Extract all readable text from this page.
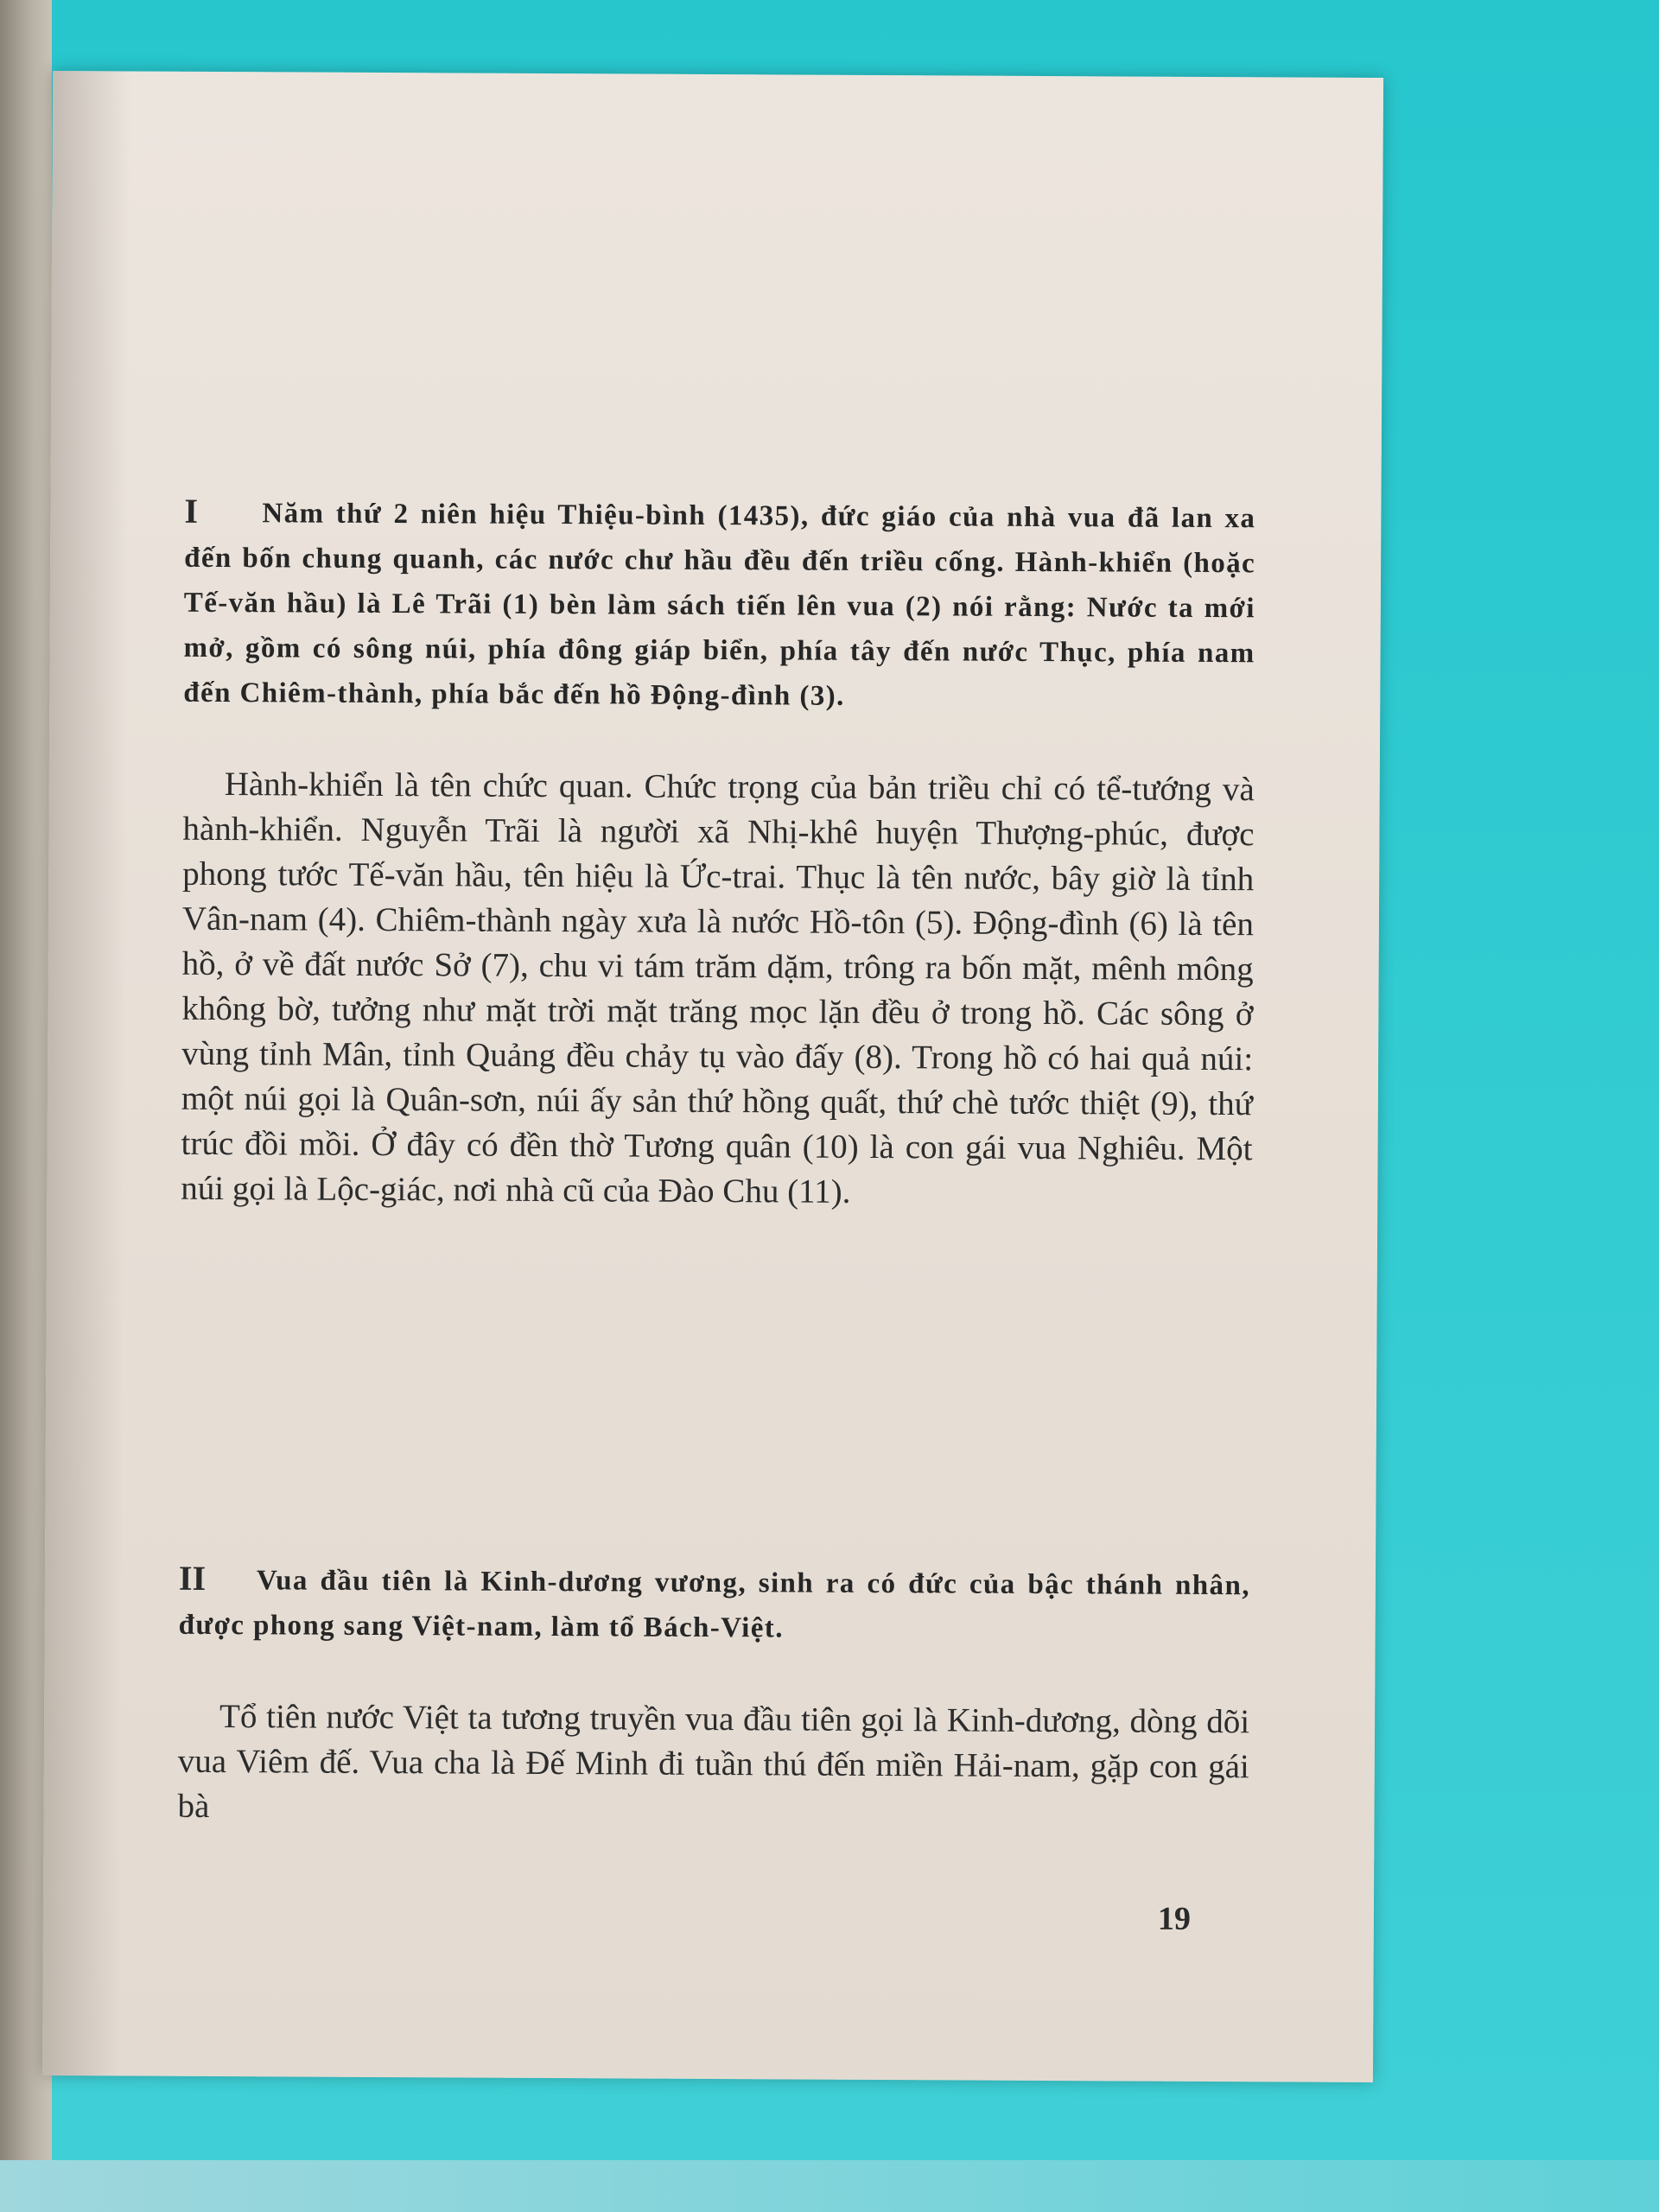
I	Năm thứ 2 niên hiệu Thiệu-bình (1435), đức giáo của nhà vua đã lan xa đến bốn chung quanh, các nước chư hầu đều đến triều cống. Hành-khiển (hoặc Tế-văn hầu) là Lê Trãi (1) bèn làm sách tiến lên vua (2) nói rằng: Nước ta mới mở, gồm có sông núi, phía đông giáp biển, phía tây đến nước Thục, phía nam đến Chiêm-thành, phía bắc đến hồ Động-đình (3).
Hành-khiển là tên chức quan. Chức trọng của bản triều chỉ có tể-tướng và hành-khiển. Nguyễn Trãi là người xã Nhị-khê huyện Thượng-phúc, được phong tước Tế-văn hầu, tên hiệu là Ức-trai. Thục là tên nước, bây giờ là tỉnh Vân-nam (4). Chiêm-thành ngày xưa là nước Hồ-tôn (5). Động-đình (6) là tên hồ, ở về đất nước Sở (7), chu vi tám trăm dặm, trông ra bốn mặt, mênh mông không bờ, tưởng như mặt trời mặt trăng mọc lặn đều ở trong hồ. Các sông ở vùng tỉnh Mân, tỉnh Quảng đều chảy tụ vào đấy (8). Trong hồ có hai quả núi: một núi gọi là Quân-sơn, núi ấy sản thứ hồng quất, thứ chè tước thiệt (9), thứ trúc đồi mồi. Ở đây có đền thờ Tương quân (10) là con gái vua Nghiêu. Một núi gọi là Lộc-giác, nơi nhà cũ của Đào Chu (11).
II	Vua đầu tiên là Kinh-dương vương, sinh ra có đức của bậc thánh nhân, được phong sang Việt-nam, làm tổ Bách-Việt.
Tổ tiên nước Việt ta tương truyền vua đầu tiên gọi là Kinh-dương, dòng dõi vua Viêm đế. Vua cha là Đế Minh đi tuần thú đến miền Hải-nam, gặp con gái bà
19
